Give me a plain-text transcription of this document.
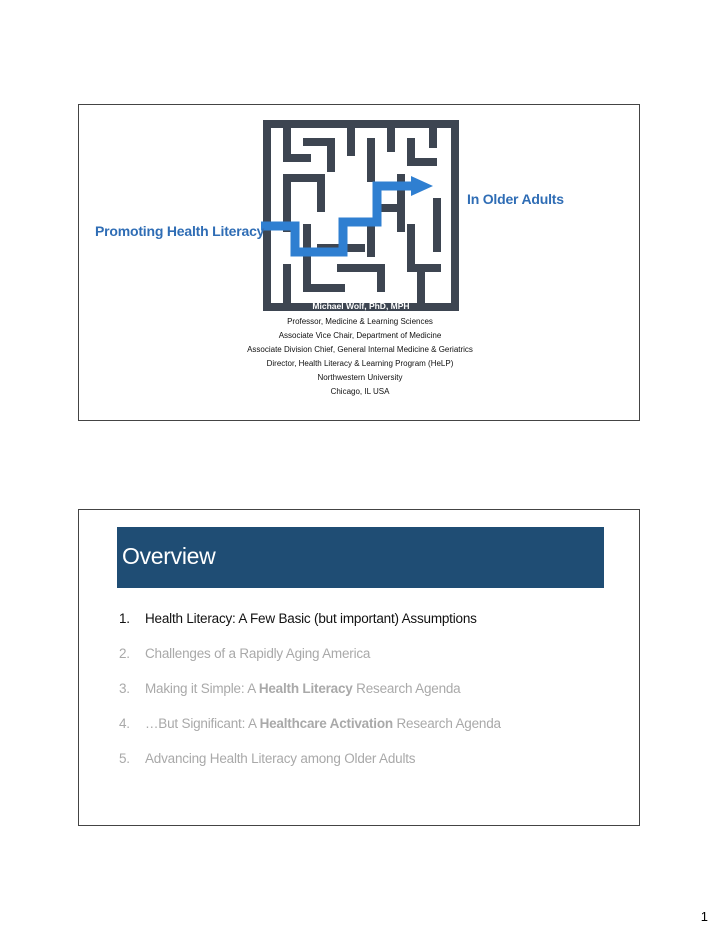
In Older Adults
Promoting Health Literacy
Michael Wolf, PhD, MPH
Professor, Medicine & Learning Sciences
Associate Vice Chair, Department of Medicine
Associate Division Chief, General Internal Medicine & Geriatrics
Director, Health Literacy & Learning Program (HeLP)
Northwestern University
Chicago, IL USA
Overview
1. Health Literacy: A Few Basic (but important) Assumptions
2. Challenges of a Rapidly Aging America
3. Making it Simple: A Health Literacy Research Agenda
4. …But Significant: A Healthcare Activation Research Agenda
5. Advancing Health Literacy among Older Adults
1
